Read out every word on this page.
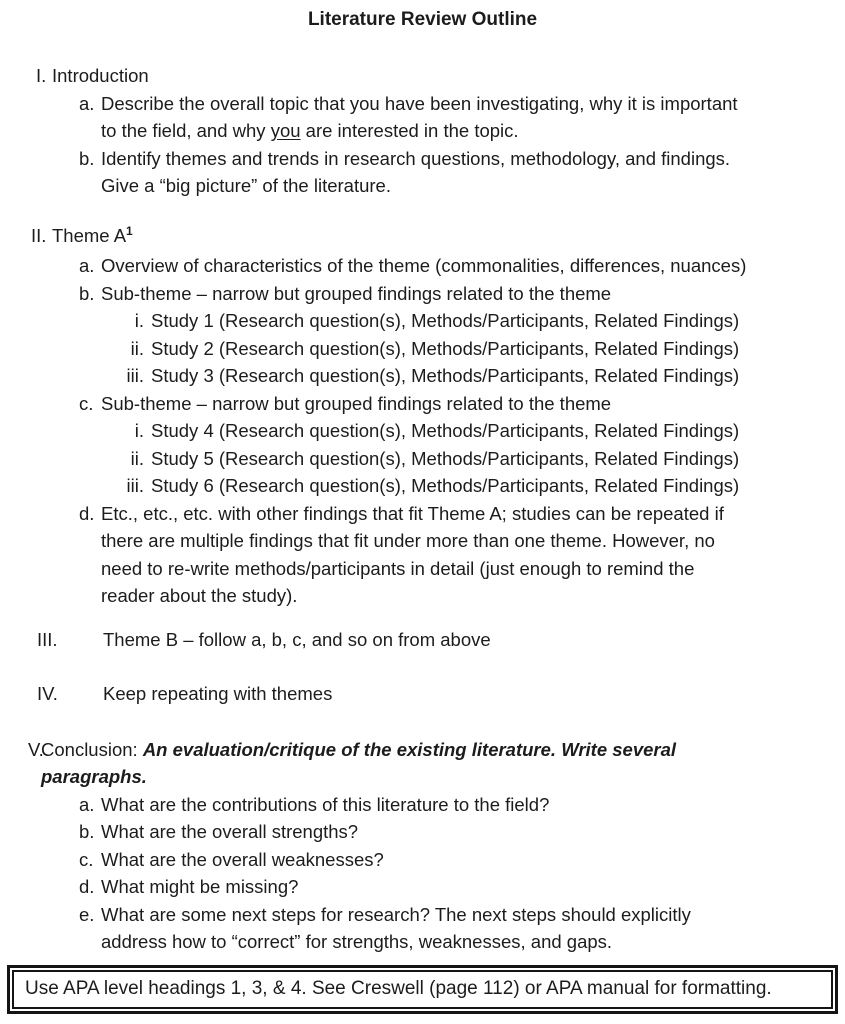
Literature Review Outline
I. Introduction
a. Describe the overall topic that you have been investigating, why it is important
to the field, and why you are interested in the topic.
b. Identify themes and trends in research questions, methodology, and findings.
Give a “big picture” of the literature.
II. Theme $A^1$
a. Overview of characteristics of the theme (commonalities, differences, nuances)
b. Sub-theme – narrow but grouped findings related to the theme
i. Study 1 (Research question(s), Methods/Participants, Related Findings)
ii. Study 2 (Research question(s), Methods/Participants, Related Findings)
iii. Study 3 (Research question(s), Methods/Participants, Related Findings)
c. Sub-theme – narrow but grouped findings related to the theme
i. Study 4 (Research question(s), Methods/Participants, Related Findings)
ii. Study 5 (Research question(s), Methods/Participants, Related Findings)
iii. Study 6 (Research question(s), Methods/Participants, Related Findings)
d. Etc., etc., etc. with other findings that fit Theme A; studies can be repeated if
there are multiple findings that fit under more than one theme. However, no
need to re-write methods/participants in detail (just enough to remind the
reader about the study).
III.	Theme B – follow a, b, c, and so on from above
IV.	Keep repeating with themes
V.
Conclusion: An evaluation/critique of the existing literature. Write several
paragraphs.
a. What are the contributions of this literature to the field?
b. What are the overall strengths?
c. What are the overall weaknesses?
d. What might be missing?
e. What are some next steps for research? The next steps should explicitly
address how to “correct” for strengths, weaknesses, and gaps.
Use APA level headings 1, 3, & 4. See Creswell (page 112) or APA manual for formatting.
